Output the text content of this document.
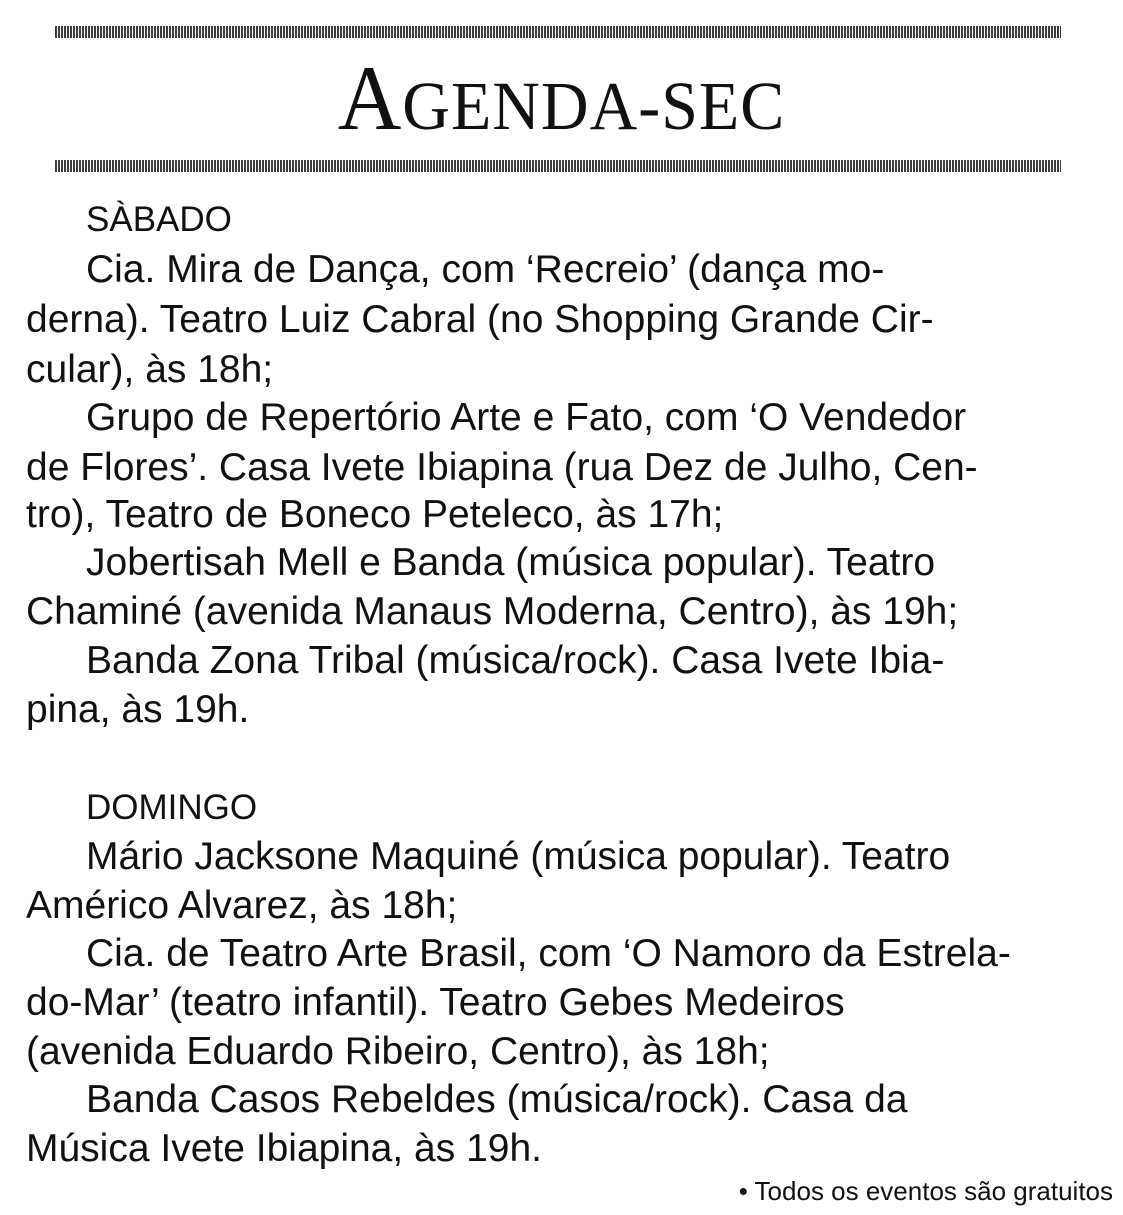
AGENDA-SEC
SÀBADO
Cia. Mira de Dança, com ‘Recreio’ (dança mo-
derna). Teatro Luiz Cabral (no Shopping Grande Cir-
cular), às 18h;
Grupo de Repertório Arte e Fato, com ‘O Vendedor
de Flores’. Casa Ivete Ibiapina (rua Dez de Julho, Cen-
tro), Teatro de Boneco Peteleco, às 17h;
Jobertisah Mell e Banda (música popular). Teatro
Chaminé (avenida Manaus Moderna, Centro), às 19h;
Banda Zona Tribal (música/rock). Casa Ivete Ibia-
pina, às 19h.
DOMINGO
Mário Jacksone Maquiné (música popular). Teatro
Américo Alvarez, às 18h;
Cia. de Teatro Arte Brasil, com ‘O Namoro da Estrela-
do-Mar’ (teatro infantil). Teatro Gebes Medeiros
(avenida Eduardo Ribeiro, Centro), às 18h;
Banda Casos Rebeldes (música/rock). Casa da
Música Ivete Ibiapina, às 19h.
• Todos os eventos são gratuitos
